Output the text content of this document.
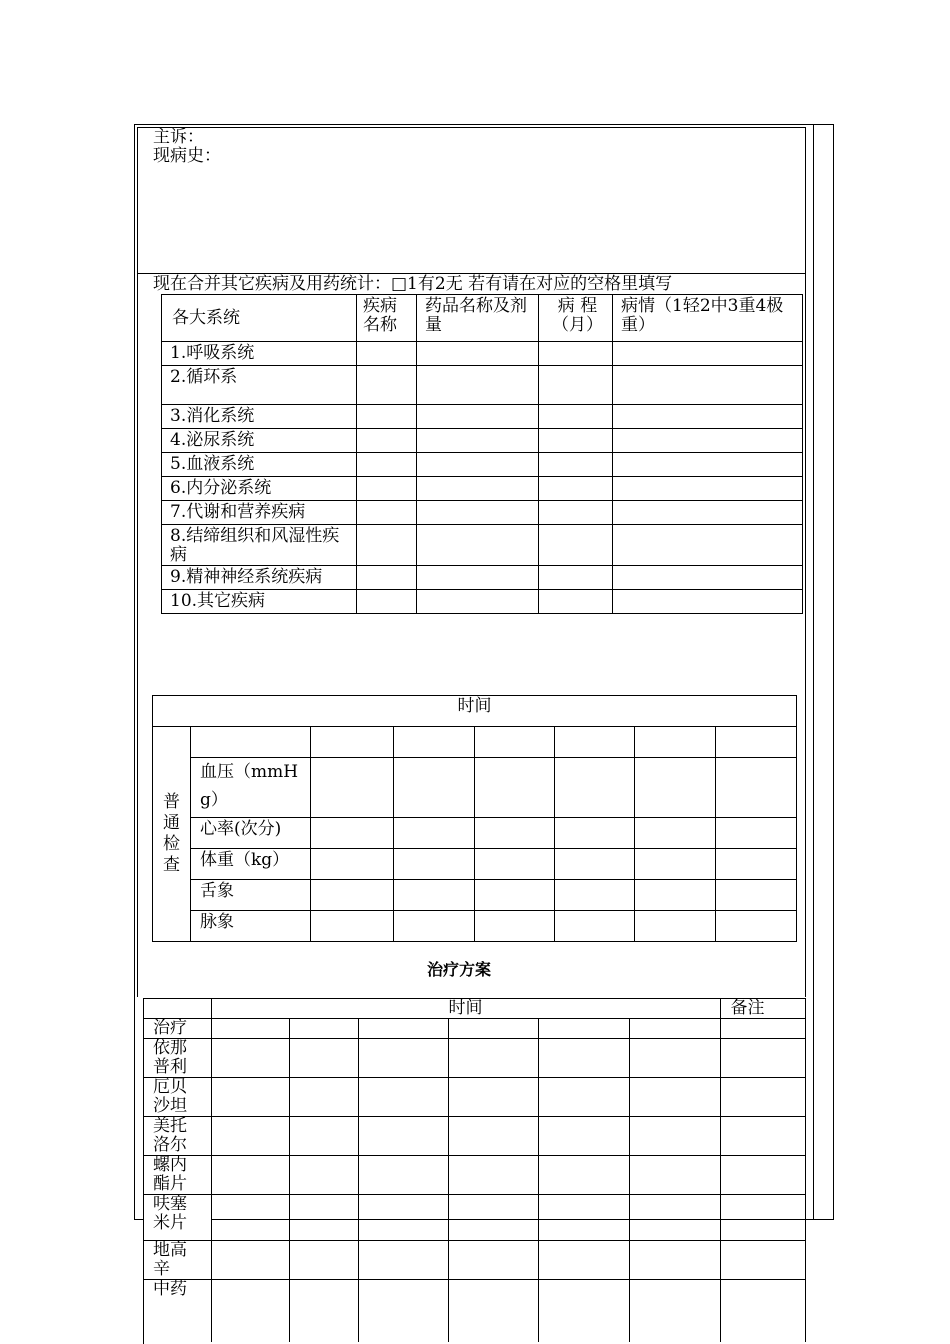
主诉：
现病史：
现在合并其它疾病及用药统计：□1有2无 若有请在对应的空格里填写
各大系统	疾病名称	药品名称及剂量	病 程（月）	病情（1轻2中3重4极重）
1.呼吸系统				
2.循环系				
3.消化系统				
4.泌尿系统				
5.血液系统				
6.内分泌系统				
7.代谢和营养疾病				
8.结缔组织和风湿性疾病				
9.精神神经系统疾病				
10.其它疾病				
时间							
普通检查							
	血压（mmHg）						
	心率(次分)						
	体重（kg）						
	舌象						
	脉象						
治疗方案
	时间						备注
治疗							
依那普利							
厄贝沙坦							
美托洛尔							
螺内酯片							
呋塞米片							
地高辛							
中药							
